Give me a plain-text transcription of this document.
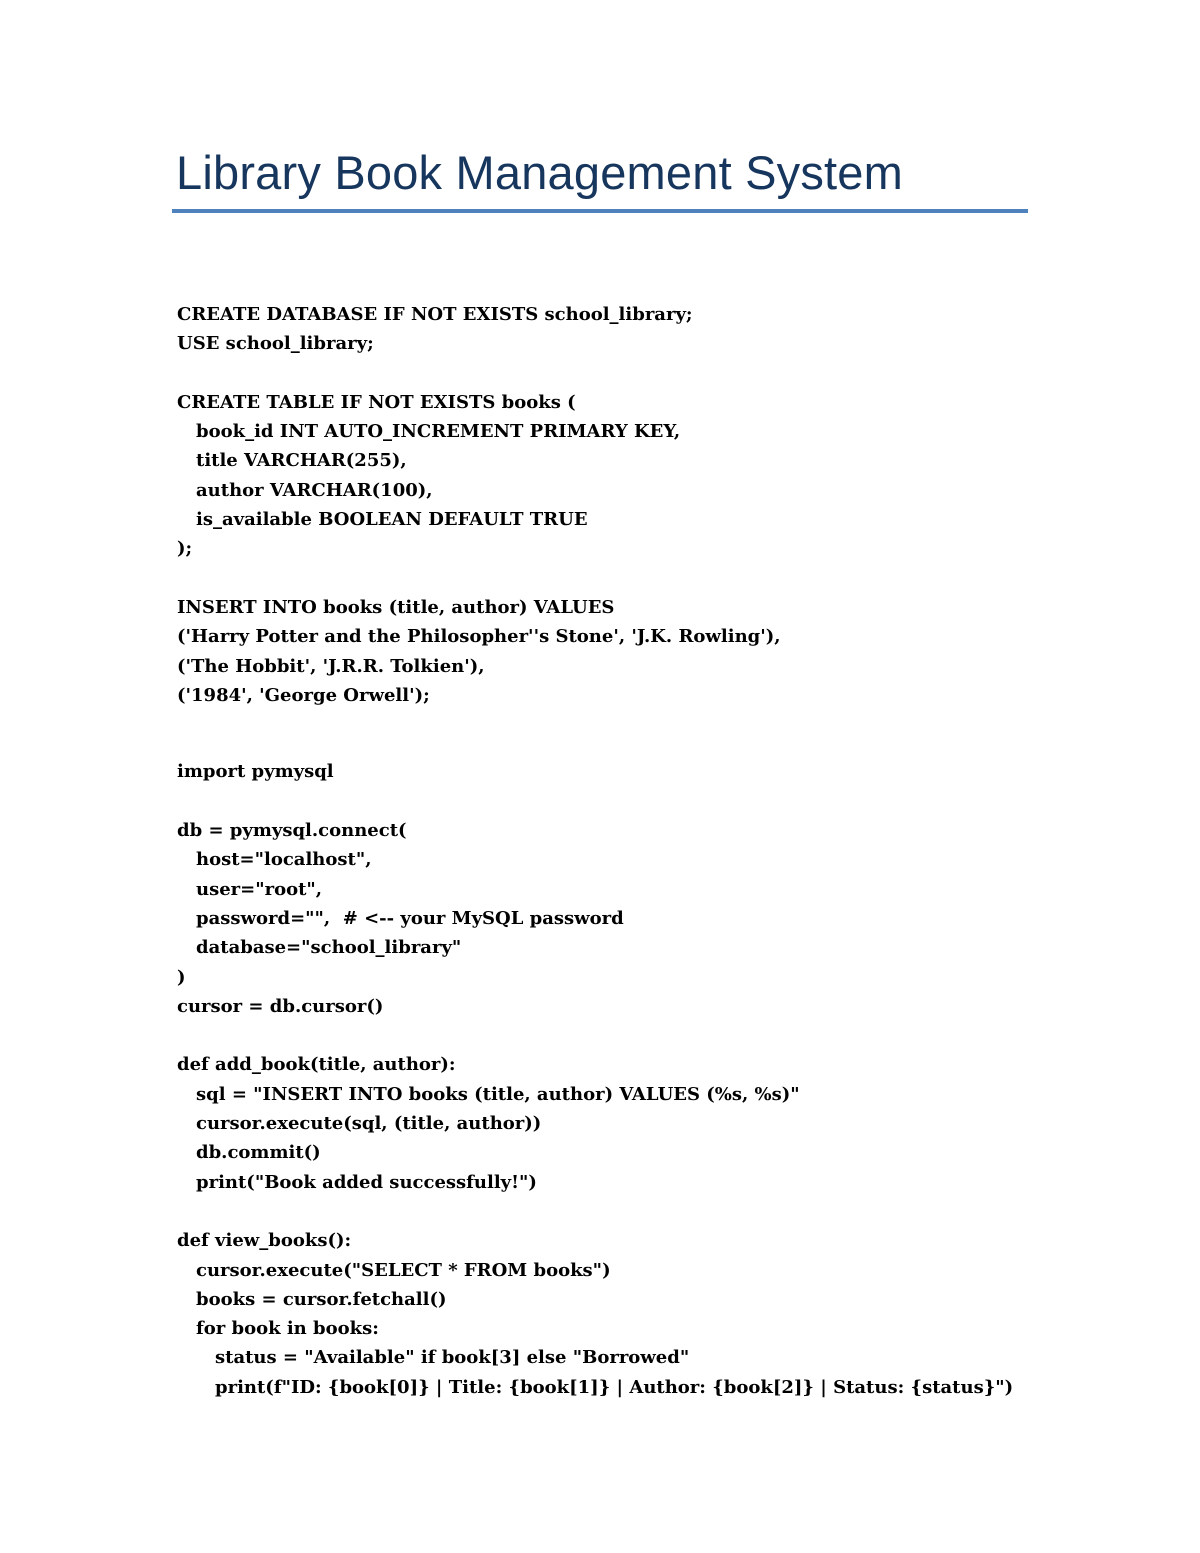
Library Book Management System
CREATE DATABASE IF NOT EXISTS school_library;
USE school_library;
CREATE TABLE IF NOT EXISTS books (
book_id INT AUTO_INCREMENT PRIMARY KEY,
title VARCHAR(255),
author VARCHAR(100),
is_available BOOLEAN DEFAULT TRUE
);
INSERT INTO books (title, author) VALUES
('Harry Potter and the Philosopher''s Stone', 'J.K. Rowling'),
('The Hobbit', 'J.R.R. Tolkien'),
('1984', 'George Orwell');
import pymysql
db = pymysql.connect(
host="localhost",
user="root",
password="",  # <-- your MySQL password
database="school_library"
)
cursor = db.cursor()
def add_book(title, author):
sql = "INSERT INTO books (title, author) VALUES (%s, %s)"
cursor.execute(sql, (title, author))
db.commit()
print("Book added successfully!")
def view_books():
cursor.execute("SELECT * FROM books")
books = cursor.fetchall()
for book in books:
status = "Available" if book[3] else "Borrowed"
print(f"ID: {book[0]} | Title: {book[1]} | Author: {book[2]} | Status: {status}")
